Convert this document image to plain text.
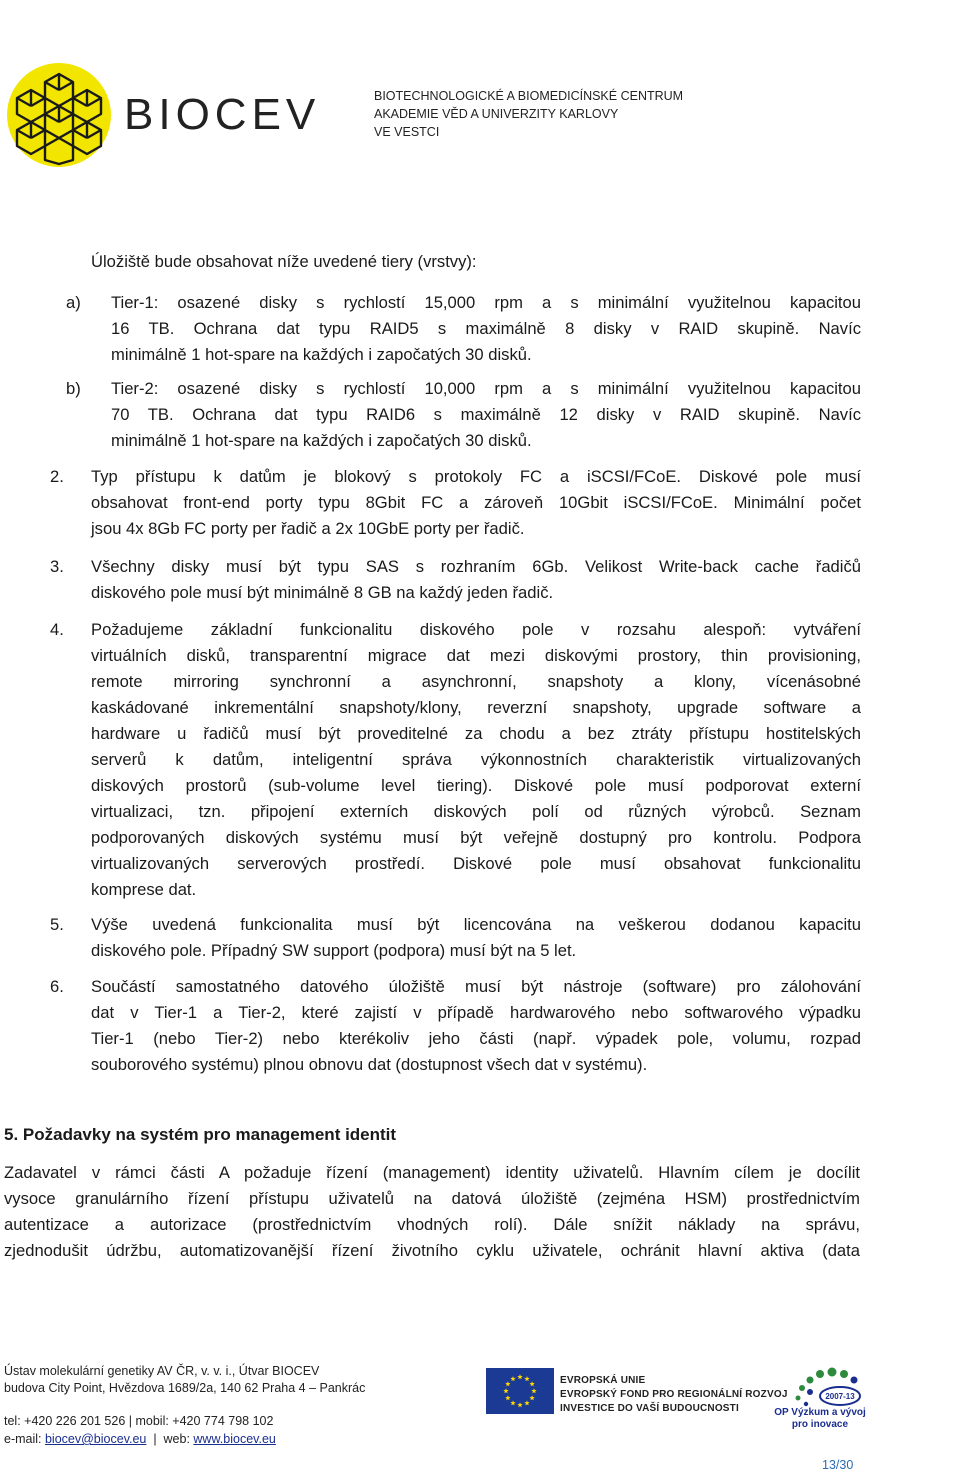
BIOCEV	BIOTECHNOLOGICKÉ A BIOMEDICÍNSKÉ CENTRUM
AKADEMIE VĚD A UNIVERZITY KARLOVY
VE VESTCI
Úložiště bude obsahovat níže uvedené tiery (vrstvy):
a) Tier-1: osazené disky s rychlostí 15,000 rpm a s minimální využitelnou kapacitou
16 TB. Ochrana dat typu RAID5 s maximálně 8 disky v RAID skupině. Navíc
minimálně 1 hot-spare na každých i započatých 30 disků.
b) Tier-2: osazené disky s rychlostí 10,000 rpm a s minimální využitelnou kapacitou
70 TB. Ochrana dat typu RAID6 s maximálně 12 disky v RAID skupině. Navíc
minimálně 1 hot-spare na každých i započatých 30 disků.
2. Typ přístupu k datům je blokový s protokoly FC a iSCSI/FCoE. Diskové pole musí
obsahovat front-end porty typu 8Gbit FC a zároveň 10Gbit iSCSI/FCoE. Minimální počet
jsou 4x 8Gb FC porty per řadič a 2x 10GbE porty per řadič.
3. Všechny disky musí být typu SAS s rozhraním 6Gb. Velikost Write-back cache řadičů
diskového pole musí být minimálně 8 GB na každý jeden řadič.
4. Požadujeme základní funkcionalitu diskového pole v rozsahu alespoň: vytváření
virtuálních disků, transparentní migrace dat mezi diskovými prostory, thin provisioning,
remote mirroring synchronní a asynchronní, snapshoty a klony, vícenásobné
kaskádované inkrementální snapshoty/klony, reverzní snapshoty, upgrade software a
hardware u řadičů musí být proveditelné za chodu a bez ztráty přístupu hostitelských
serverů k datům, inteligentní správa výkonnostních charakteristik virtualizovaných
diskových prostorů (sub-volume level tiering). Diskové pole musí podporovat externí
virtualizaci, tzn. připojení externích diskových polí od různých výrobců. Seznam
podporovaných diskových systému musí být veřejně dostupný pro kontrolu. Podpora
virtualizovaných serverových prostředí. Diskové pole musí obsahovat funkcionalitu
komprese dat.
5. Výše uvedená funkcionalita musí být licencována na veškerou dodanou kapacitu
diskového pole. Případný SW support (podpora) musí být na 5 let.
6. Součástí samostatného datového úložiště musí být nástroje (software) pro zálohování
dat v Tier-1 a Tier-2, které zajistí v případě hardwarového nebo softwarového výpadku
Tier-1 (nebo Tier-2) nebo kterékoliv jeho části (např. výpadek pole, volumu, rozpad
souborového systému) plnou obnovu dat (dostupnost všech dat v systému).
5. Požadavky na systém pro management identit
Zadavatel v rámci části A požaduje řízení (management) identity uživatelů. Hlavním cílem je docílit
vysoce granulárního řízení přístupu uživatelů na datová úložiště (zejména HSM) prostřednictvím
autentizace a autorizace (prostřednictvím vhodných rolí). Dále snížit náklady na správu,
zjednodušit údržbu, automatizovanější řízení životního cyklu uživatele, ochránit hlavní aktiva (data
Ústav molekulární genetiky AV ČR, v. v. i., Útvar BIOCEV
budova City Point, Hvězdova 1689/2a, 140 62 Praha 4 – Pankrác
tel: +420 226 201 526 | mobil: +420 774 798 102
e-mail: biocev@biocev.eu  |  web: www.biocev.eu
EVROPSKÁ UNIE
EVROPSKÝ FOND PRO REGIONÁLNÍ ROZVOJ
INVESTICE DO VAŠÍ BUDOUCNOSTI
2007-13
OP Výzkum a vývoj
pro inovace
13/30
